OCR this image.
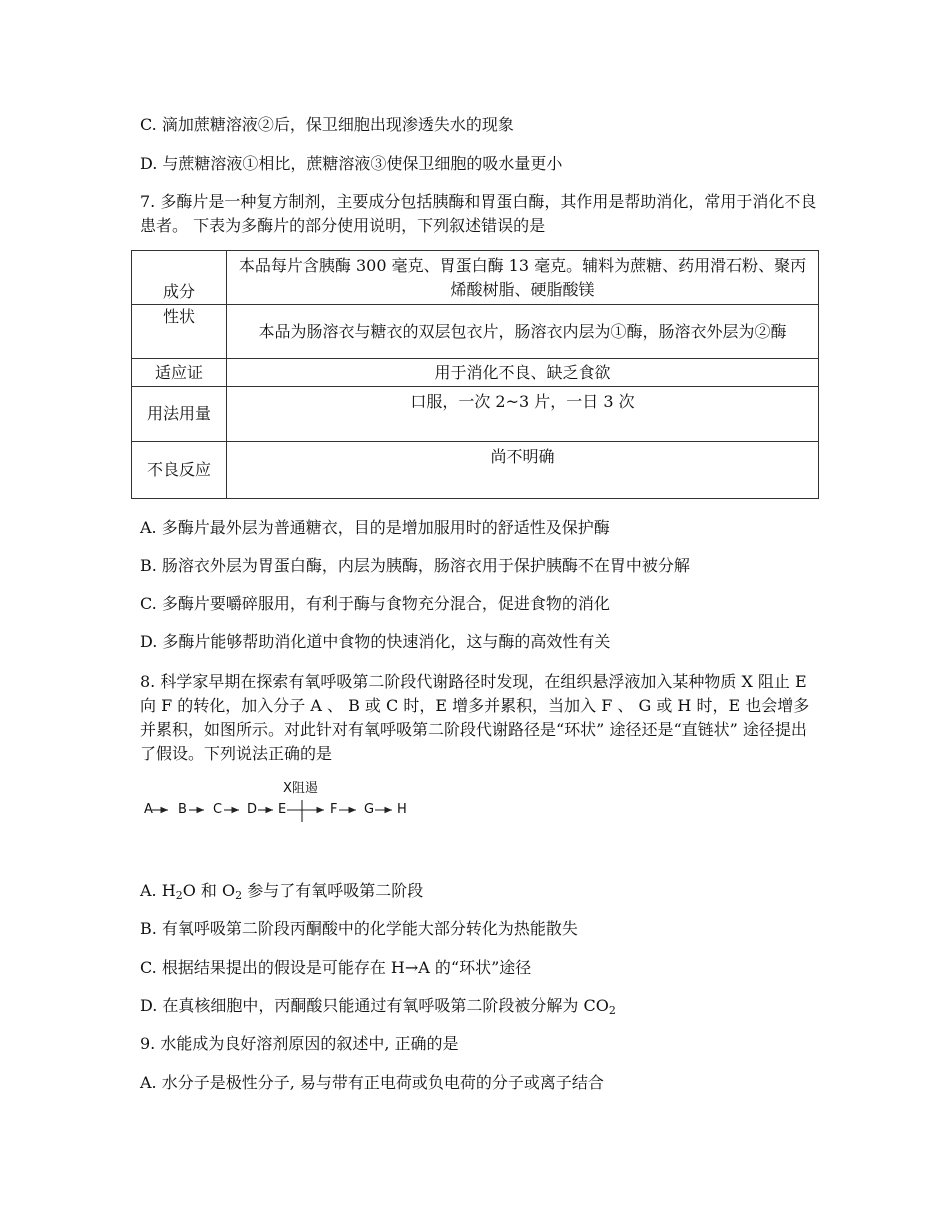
C. 滴加蔗糖溶液②后，保卫细胞出现渗透失水的现象
D. 与蔗糖溶液①相比，蔗糖溶液③使保卫细胞的吸水量更小
7. 多酶片是一种复方制剂，主要成分包括胰酶和胃蛋白酶，其作用是帮助消化，常用于消化不良患者。 下表为多酶片的部分使用说明，下列叙述错误的是
成分	本品每片含胰酶 300 毫克、胃蛋白酶 13 毫克。辅料为蔗糖、药用滑石粉、聚丙烯酸树脂、硬脂酸镁
性状	本品为肠溶衣与糖衣的双层包衣片，肠溶衣内层为①酶，肠溶衣外层为②酶
适应证	用于消化不良、缺乏食欲
用法用量	口服，一次 2~3 片，一日 3 次
不良反应	尚不明确
A. 多酶片最外层为普通糖衣，目的是增加服用时的舒适性及保护酶
B. 肠溶衣外层为胃蛋白酶，内层为胰酶，肠溶衣用于保护胰酶不在胃中被分解
C. 多酶片要嚼碎服用，有利于酶与食物充分混合，促进食物的消化
D. 多酶片能够帮助消化道中食物的快速消化，这与酶的高效性有关
8. 科学家早期在探索有氧呼吸第二阶段代谢路径时发现，在组织悬浮液加入某种物质 X 阻止 E 向 F 的转化，加入分子 A 、 B 或 C 时，E 增多并累积，当加入 F 、 G 或 H 时，E 也会增多并累积，如图所示。对此针对有氧呼吸第二阶段代谢路径是“环状” 途径还是“直链状” 途径提出了假设。下列说法正确的是
X阻遏
A B C D E	F G H
A. $H_2O$ 和 $O_2$ 参与了有氧呼吸第二阶段
B. 有氧呼吸第二阶段丙酮酸中的化学能大部分转化为热能散失
C. 根据结果提出的假设是可能存在 H→A 的“环状”途径
D. 在真核细胞中，丙酮酸只能通过有氧呼吸第二阶段被分解为 $CO_2$
9. 水能成为良好溶剂原因的叙述中, 正确的是
A. 水分子是极性分子, 易与带有正电荷或负电荷的分子或离子结合
